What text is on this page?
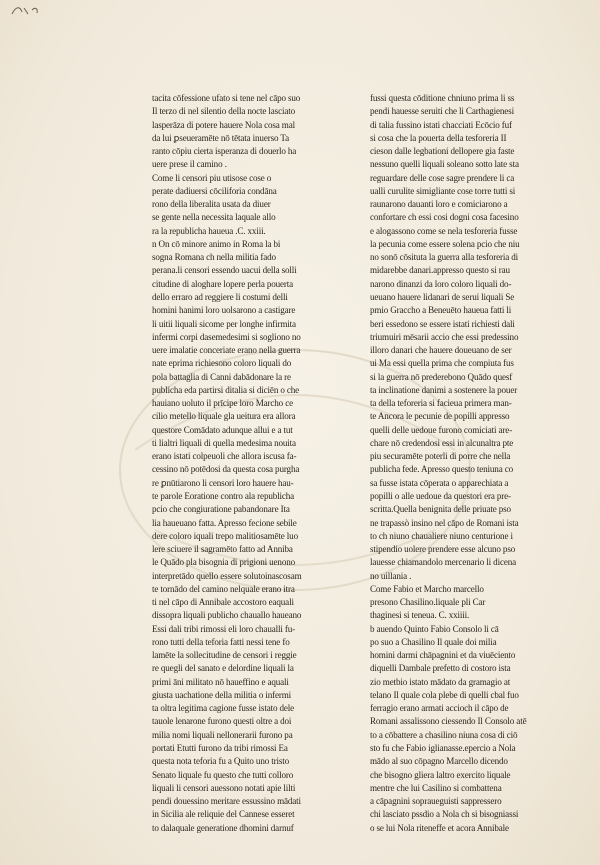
tacita cōfessione ufato si tene nel cāpo suo
Il terzo di nel silentio della nocte lasciato
lasperāza di potere hauere Nola cosa mal
da lui ꝑseueramēte nō tētata inuerso Ta
ranto cōpiu cierta isperanza di douerlo ha
uere prese il camino .
Come li censori piu utisose cose o
perate dadiuersi cōciliforia condāna
rono della liberalita usata da diuer
se gente nella necessita laquale allo
ra la republicha haueua .C. xxiii.
n On cō minore animo in Roma la bi
sogna Romana ch nella militia fado
perana.li censori essendo uacui della solli
citudine di aloghare lopere perla pouerta
dello erraro ad reggiere li costumi delli
homini hanimi loro uolsarono a castigare
li uitii liquali sicome per longhe infirmita
infermi corpi dasemedesimi si sogliono no
uere imalatie conceriate erano nella guerra
nate eprima richiesono coloro liquali do
pola battaglia di Canni dabādonare la re
publicha eda partirsi ditalia si diciēn o che
hauiano uoluto il prīcipe loro Marcho ce
cilio metello liquale gla ueitura era allora
questore Comādato adunque allui e a tut
ti lialtri liquali di quella medesima nouita
erano istati colpeuoli che allora iscusa fa-
cessino nō potēdosi da questa cosa purgha
re ꝑnūtiarono li censori loro hauere hau-
te parole Eoratione contro ala republicha
pcio che congiuratione pabandonare Ita
lia haueuano fatta. Apresso fecione sebile
dere coloro iquali trepo malitiosamēte luo
lere sciuere il sagramēto fatto ad Anniba
le Quādo pla bisognia di prigioni uenono
interpretādo quello essere solutoinascosam
te tornādo del camino nelquale erano itra
ti nel cāpo di Annibale accostoro eaquali
dissopra liquali publicho chauallo haueano
Essi dali tribi rimossi eli loro chaualli fu-
rono tutti della teforia fatti nessi tene fo
lamēte la sollecitudine de censori i reggie
re quegli del sanato e delordine liquali la
primi āni militato nō haueffino e aquali
giusta uachatione della militia o infermi
ta oltra legitima cagione fusse istato dele
tauole lenarone furono questi oltre a doi
milia nomi liquali nellonerarii furono pa
portati Etutti furono da tribi rimossi Ea
questa nota teforia fu a Quito uno tristo
Senato liquale fu questo che tutti colloro
liquali li censori auessono notati apie lilti
pendi douessino meritare essussino mādati
in Sicilia ale reliquie del Cannese esseret
to dalaquale generatione dhomini darnuf
fussi questa cōditione chniuno prima li ss
pendi hauesse seruiti che li Carthagienesi
di talia fussino istati chacciati Ecōcio fuf
si cosa che la pouerta della tesforeria II
cieson dalle legbationi dellopere gia faste
nessuno quelli liquali soleano sotto late sta
reguardare delle cose sagre prendere li ca
ualli curulite simigliante cose torre tutti si
raunarono dauanti loro e comiciarono a
confortare ch essi cosi dogni cosa facesino
e alogassono come se nela tesforeria fusse
la pecunia come essere solena pcio che niu
no sonō cōsituta la guerra alla tesforeria di
midarebbe danari.appresso questo si rau
narono dinanzi da loro coloro liquali do-
ueuano hauere lidanari de serui liquali Se
pmio Graccho a Beneuēto haueua fatti li
beri essedono se essere istati richiesti dali
triumuiri mēsarii accio che essi predessino
illoro danari che hauere doueuano de ser
ui Ma essi quella prima che compiuta fus
si la guerra nō prederebono Quādo quesf
ta inclinatione danimi a sostenere la pouer
ta della teforeria si facieua primera man-
te Ancora le pecunie de popilli appresso
quelli delle uedoue furono comiciati are-
chare nō credendosi essi in alcunaltra pte
piu securamēte poterli di porre che nella
publicha fede. Apresso questo teniuna co
sa fusse istata cōperata o apparechiata a
popilli o alle uedoue da questori era pre-
scritta.Quella benignita delle priuate pso
ne trapassò insino nel cāpo de Romani ista
to ch niuno chaualiere niuno centurione i
stipendio uolere prendere esse alcuno pso
lauesse chiamandolo mercenario li dicena
no uillania .
Come Fabio et Marcho marcello
presono Chasilino.liquale pli Car
thaginesi si teneua. C. xxiiii.
b auendo Quinto Fabio Consolo li cā
po suo a Chasilino Il quale doi milia
homini darmi chāpagnini et da viuēciento
diquelli Dambale prefetto di costoro ista
zio metbio istato mādato da gramagio at
telano Il quale cola plebe di quelli cbal fuo
ferragio erano armati accioch il cāpo de
Romani assalissono ciessendo Il Consolo atē
to a cōbattere a chasilino niuna cosa di ciō
sto fu che Fabio iglianasse.epercio a Nola
mādo al suo cōpagno Marcello dicendo
che bisogno gliera laltro exercito liquale
mentre che lui Casilino si combattena
a cāpagnini sopraueguisti sappressero
chi lasciato pssdio a Nola ch si bisogniassi
o se lui Nola riteneffe et acora Annibale
